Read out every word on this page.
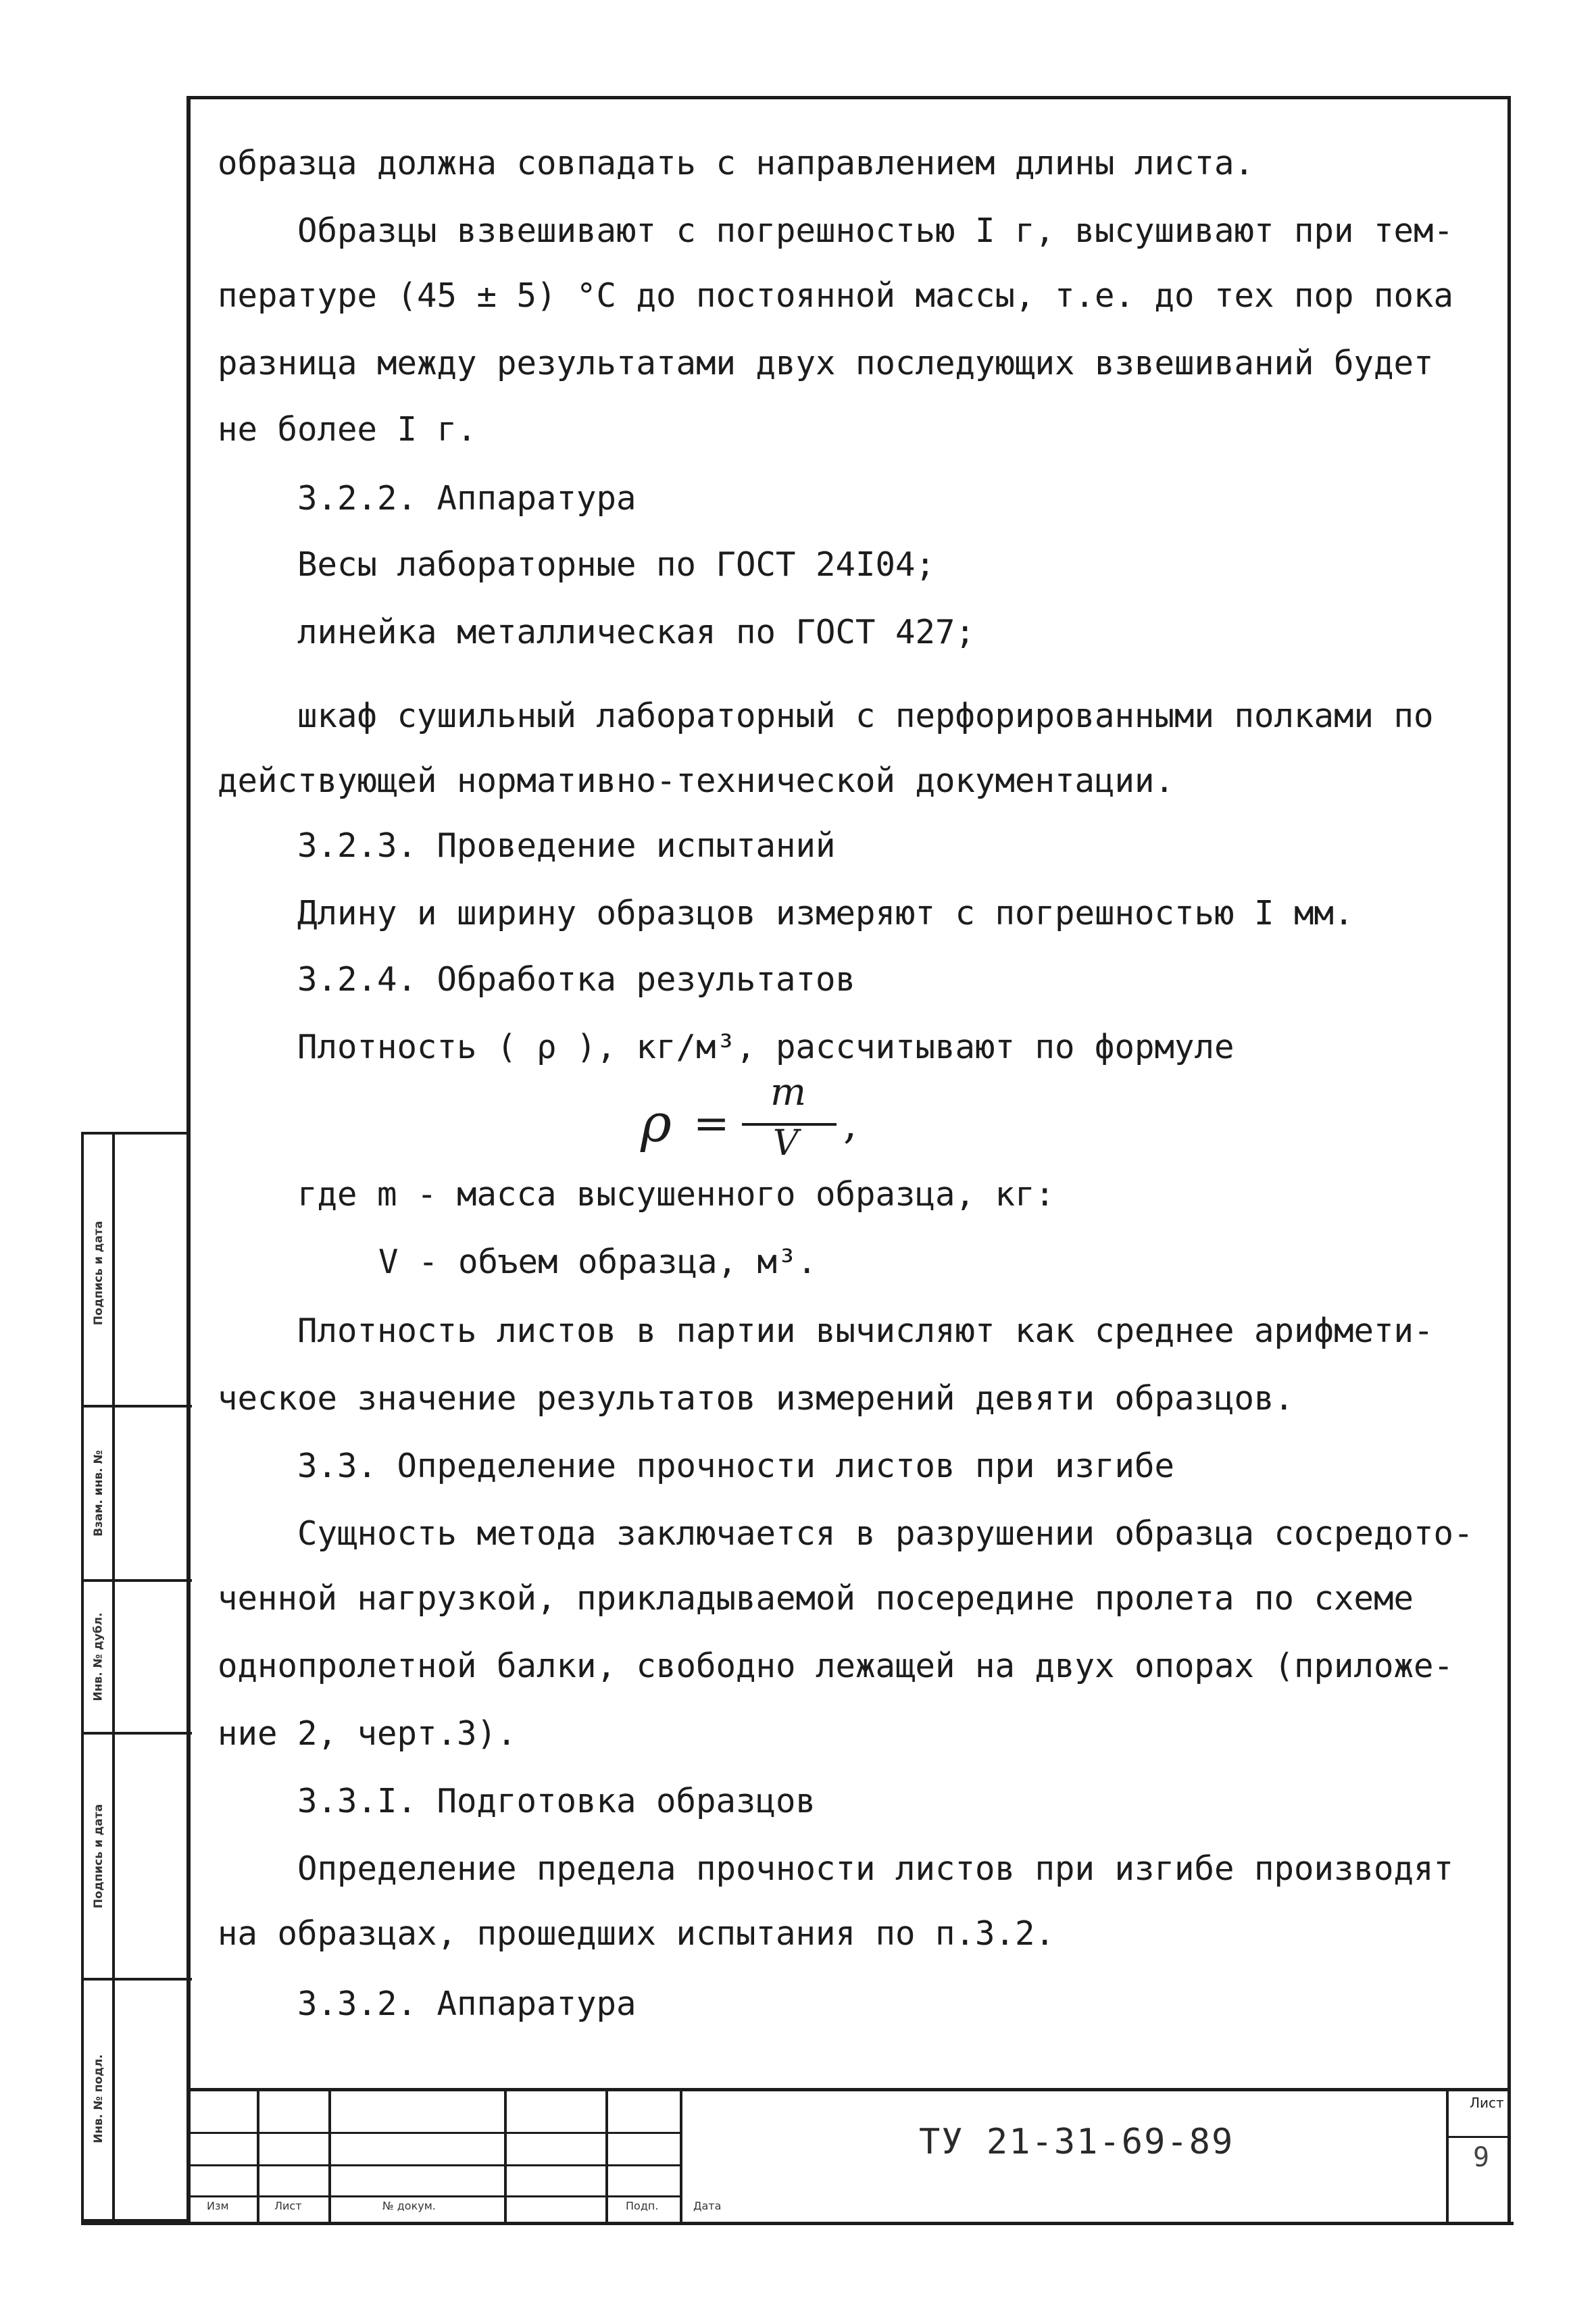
образца должна совпадать с направлением длины листа.
Образцы взвешивают с погрешностью I г, высушивают при тем-
пературе (45 ± 5) °С до постоянной массы, т.е. до тех пор пока
разница между результатами двух последующих взвешиваний будет
не более I г.
3.2.2. Аппаратура
Весы лабораторные по ГОСТ 24I04;
линейка металлическая по ГОСТ 427;
шкаф сушильный лабораторный с перфорированными полками по
действующей нормативно-технической документации.
3.2.3. Проведение испытаний
Длину и ширину образцов измеряют с погрешностью I мм.
3.2.4. Обработка результатов
Плотность ( ρ ), кг/м³, рассчитывают по формуле
ρ =
m
V ,
где m - масса высушенного образца, кг:
V - объем образца, м³.
Плотность листов в партии вычисляют как среднее арифмети-
ческое значение результатов измерений девяти образцов.
3.3. Определение прочности листов при изгибе
Сущность метода заключается в разрушении образца сосредото-
ченной нагрузкой, прикладываемой посередине пролета по схеме
однопролетной балки, свободно лежащей на двух опорах (приложе-
ние 2, черт.3).
3.3.I. Подготовка образцов
Определение предела прочности листов при изгибе производят
на образцах, прошедших испытания по п.3.2.
3.3.2. Аппаратура
Подпись и дата
Взам. инв. №
Инв. № дубл.
Подпись и дата
Инв. № подл.
Изм	Лист	№ докум.	Подп.	Дата
ТУ 21-31-69-89
Лист
9
